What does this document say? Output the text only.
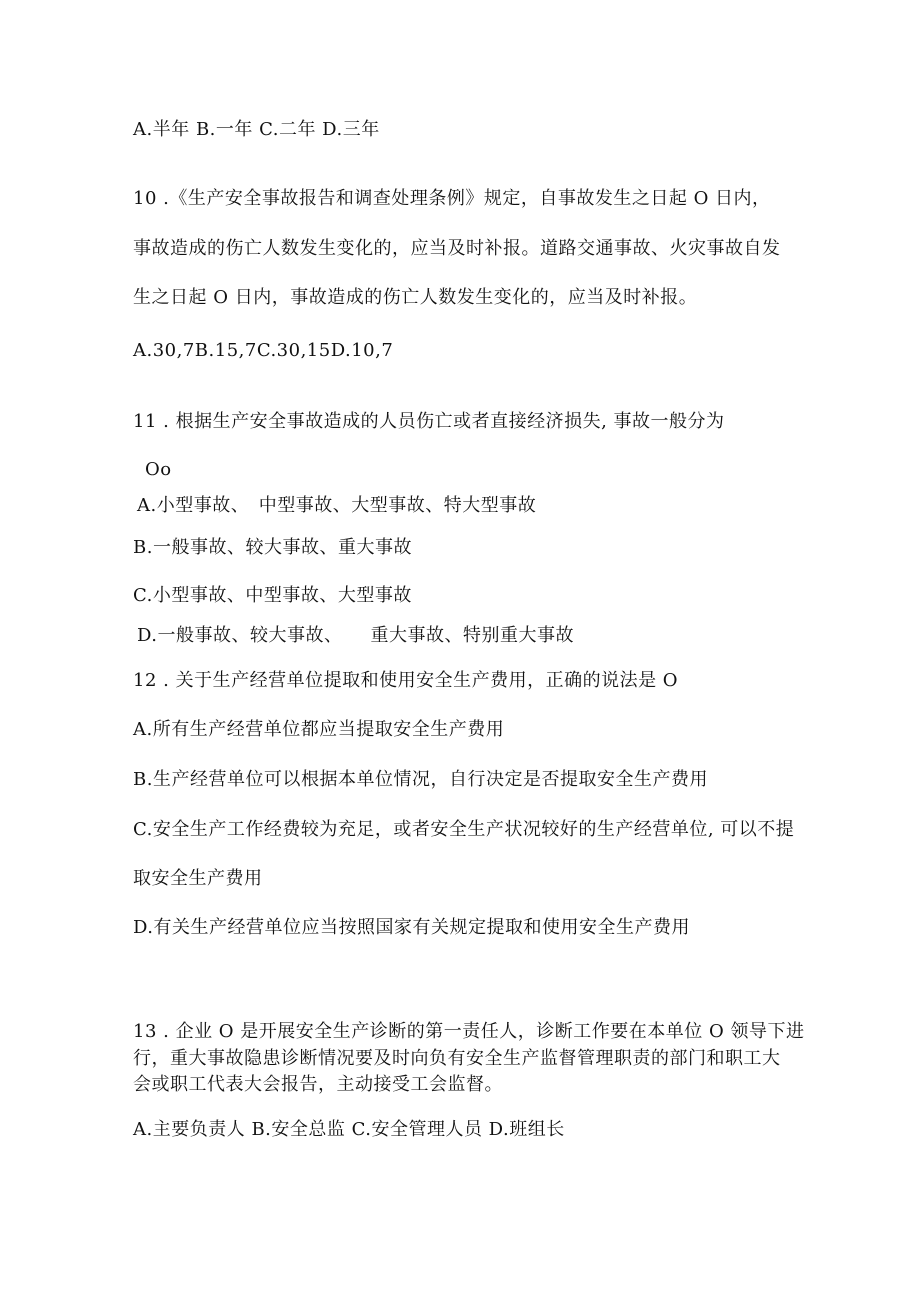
A.半年 B.一年 C.二年 D.三年
10 .《生产安全事故报告和调查处理条例》规定，自事故发生之日起 O 日内，
事故造成的伤亡人数发生变化的，应当及时补报。道路交通事故、火灾事故自发
生之日起 O 日内，事故造成的伤亡人数发生变化的，应当及时补报。
A.30,7B.15,7C.30,15D.10,7
11 . 根据生产安全事故造成的人员伤亡或者直接经济损失, 事故一般分为
Oo
A.小型事故、　中型事故、大型事故、特大型事故
B.一般事故、较大事故、重大事故
C.小型事故、中型事故、大型事故
D.一般事故、较大事故、　　重大事故、特别重大事故
12 . 关于生产经营单位提取和使用安全生产费用，正确的说法是 O
A.所有生产经营单位都应当提取安全生产费用
B.生产经营单位可以根据本单位情况，自行决定是否提取安全生产费用
C.安全生产工作经费较为充足，或者安全生产状况较好的生产经营单位, 可以不提
取安全生产费用
D.有关生产经营单位应当按照国家有关规定提取和使用安全生产费用
13 . 企业 O 是开展安全生产诊断的第一责任人，诊断工作要在本单位 O 领导下进
行，重大事故隐患诊断情况要及时向负有安全生产监督管理职责的部门和职工大
会或职工代表大会报告，主动接受工会监督。
A.主要负责人 B.安全总监 C.安全管理人员 D.班组长
